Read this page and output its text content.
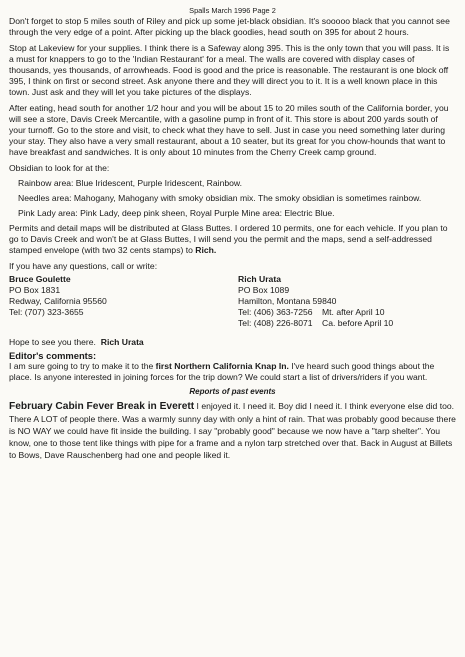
Spalls March 1996 Page 2

Don't forget to stop 5 miles south of Riley and pick up some jet-black obsidian. It's sooooo black that you cannot see through the very edge of a point. After picking up the black goodies, head south on 395 for about 2 hours.

Stop at Lakeview for your supplies. I think there is a Safeway along 395. This is the only town that you will pass. It is a must for knappers to go to the 'Indian Restaurant' for a meal. The walls are covered with display cases of thousands, yes thousands, of arrowheads. Food is good and the price is reasonable. The restaurant is one block off 395, I think on first or second street. Ask anyone there and they will direct you to it. It is a well known place in this town. Just ask and they will let you take pictures of the displays.

After eating, head south for another 1/2 hour and you will be about 15 to 20 miles south of the California border, you will see a store, Davis Creek Mercantile, with a gasoline pump in front of it. This store is about 200 yards south of your turnoff. Go to the store and visit, to check what they have to sell. Just in case you need something later during your stay. They also have a very small restaurant, about a 10 seater, but its great for you chow-hounds that want to have breakfast and sandwiches. It is only about 10 minutes from the Cherry Creek camp ground.

Obsidian to look for at the:

Rainbow area: Blue Iridescent, Purple Iridescent, Rainbow.

Needles area: Mahogany, Mahogany with smoky obsidian mix. The smoky obsidian is sometimes rainbow.

Pink Lady area: Pink Lady, deep pink sheen, Royal Purple Mine area: Electric Blue.

Permits and detail maps will be distributed at Glass Buttes. I ordered 10 permits, one for each vehicle. If you plan to go to Davis Creek and won't be at Glass Buttes, I will send you the permit and the maps, send a self-addressed stamped envelope (with two 32 cents stamps) to Rich.

If you have any questions, call or write:

Bruce Goulette
PO Box 1831
Redway, California 95560
Tel: (707) 323-3655
Rich Urata
PO Box 1089
Hamilton, Montana 59840
Tel: (406) 363-7256	Mt. after April 10
Tel: (408) 226-8071	Ca. before April 10

Hope to see you there. Rich Urata

Editor's comments:

I am sure going to try to make it to the first Northern California Knap In. I've heard such good things about the place. Is anyone interested in joining forces for the trip down? We could start a list of drivers/riders if you want.

Reports of past events

February Cabin Fever Break in Everett I enjoyed it. I need it. Boy did I need it. I think everyone else did too. There A LOT of people there. Was a warmly sunny day with only a hint of rain. That was probably good because there is NO WAY we could have fit inside the building. I say "probably good" because we now have a "tarp shelter". You know, one to those tent like things with pipe for a frame and a nylon tarp stretched over that. Back in August at Billets to Bows, Dave Rauschenberg had one and people liked it.
